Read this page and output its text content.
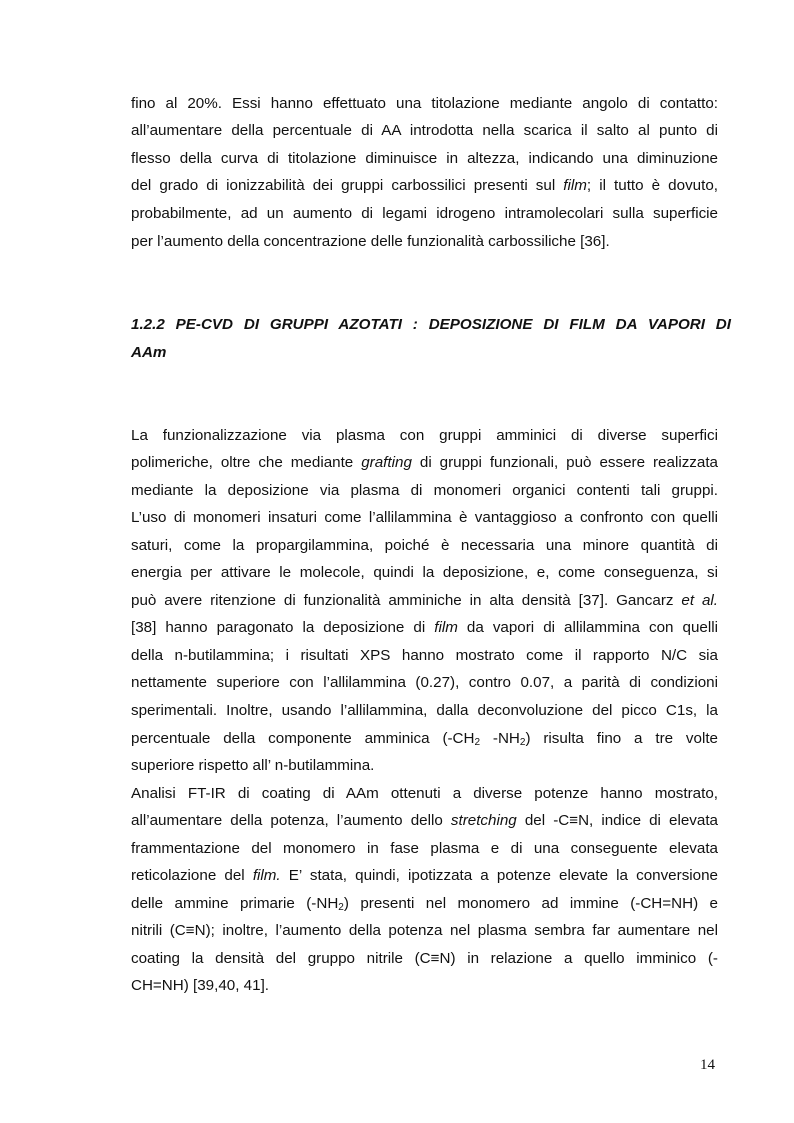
fino al 20%. Essi hanno effettuato una titolazione mediante angolo di contatto:
all’aumentare della percentuale di AA introdotta nella scarica il salto al punto di
flesso della curva di titolazione diminuisce in altezza, indicando una diminuzione
del grado di ionizzabilità dei gruppi carbossilici presenti sul film; il tutto è dovuto,
probabilmente, ad un aumento di legami idrogeno intramolecolari sulla superficie
per l’aumento della concentrazione delle funzionalità carbossiliche [36].
1.2.2 PE-CVD DI GRUPPI AZOTATI : DEPOSIZIONE DI FILM DA VAPORI DI
AAm
La funzionalizzazione via plasma con gruppi amminici di diverse superfici
polimeriche, oltre che mediante grafting di gruppi funzionali, può essere realizzata
mediante la deposizione via plasma di monomeri organici contenti tali gruppi.
L’uso di monomeri insaturi come l’allilammina è vantaggioso a confronto con quelli
saturi, come la propargilammina, poiché è necessaria una minore quantità di
energia per attivare le molecole, quindi la deposizione, e, come conseguenza, si
può avere ritenzione di funzionalità amminiche in alta densità [37]. Gancarz et al.
[38] hanno paragonato la deposizione di film da vapori di allilammina con quelli
della n-butilammina; i risultati XPS hanno mostrato come il rapporto N/C sia
nettamente superiore con l’allilammina (0.27), contro 0.07, a parità di condizioni
sperimentali. Inoltre, usando l’allilammina, dalla deconvoluzione del picco C1s, la
percentuale della componente amminica ($-CH_2$ $-NH_2$) risulta fino a tre volte
superiore rispetto all’ n-butilammina.
Analisi FT-IR di coating di AAm ottenuti a diverse potenze hanno mostrato,
all’aumentare della potenza, l’aumento dello stretching del -C≡N, indice di elevata
frammentazione del monomero in fase plasma e di una conseguente elevata
reticolazione del film. E’ stata, quindi, ipotizzata a potenze elevate la conversione
delle ammine primarie $(-NH_2)$ presenti nel monomero ad immine (-CH=NH) e
nitrili (C≡N); inoltre, l’aumento della potenza nel plasma sembra far aumentare nel
coating la densità del gruppo nitrile (C≡N) in relazione a quello imminico (-
CH=NH) [39,40, 41].
14
